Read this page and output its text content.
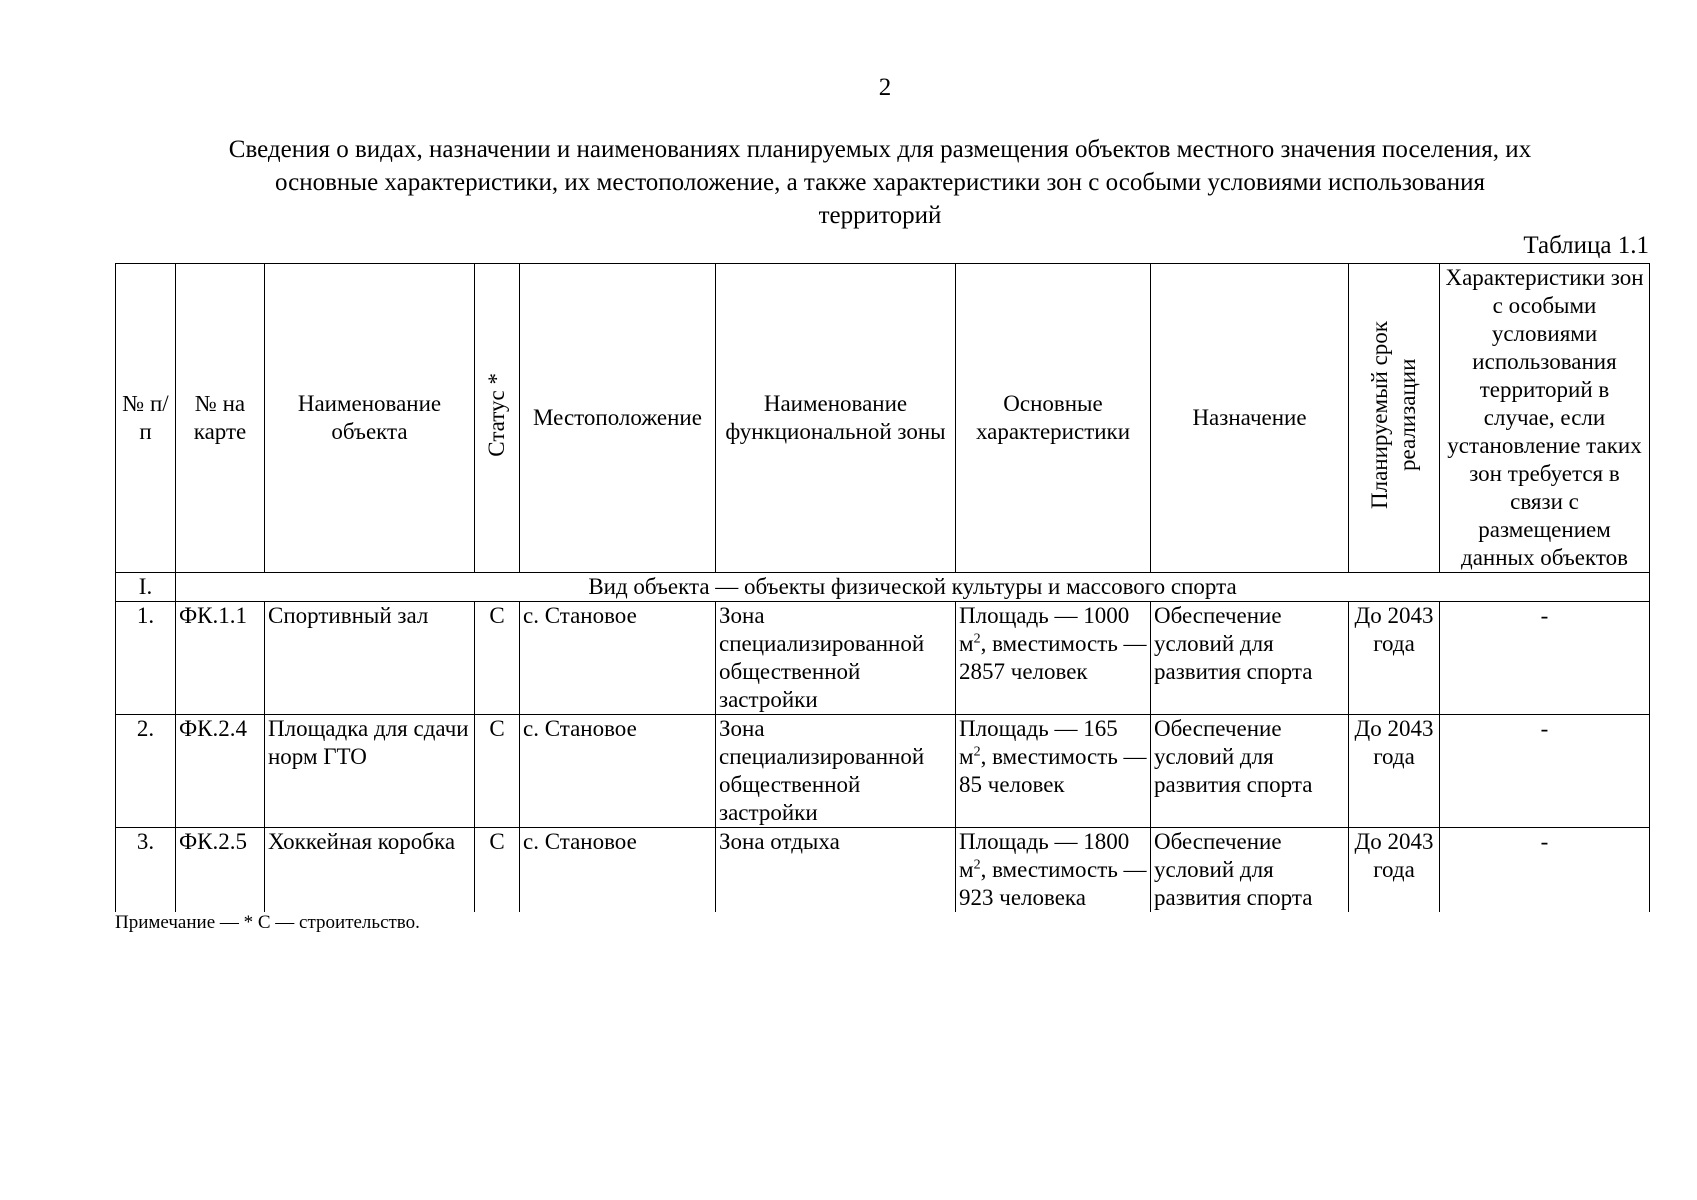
2
Сведения о видах, назначении и наименованиях планируемых для размещения объектов местного значения поселения, их
основные характеристики, их местоположение, а также характеристики зон с особыми условиями использования
территорий
Таблица 1.1
№ п/п	№ на карте	Наименование объекта	Статус *	Местоположение	Наименование функциональной зоны	Основные характеристики	Назначение	Планируемый срок реализации	Характеристики зон с особыми условиями использования территорий в случае, если установление таких зон требуется в связи с размещением данных объектов
I.	Вид объекта — объекты физической культуры и массового спорта								
1.	ФК.1.1	Спортивный зал	С	с. Становое	Зона специализированной общественной застройки	Площадь — 1000 $м^2$, вместимость — 2857 человек	Обеспечение условий для развития спорта	До 2043 года	-
2.	ФК.2.4	Площадка для сдачи норм ГТО	С	с. Становое	Зона специализированной общественной застройки	Площадь — 165 $м^2$, вместимость — 85 человек	Обеспечение условий для развития спорта	До 2043 года	-
3.	ФК.2.5	Хоккейная коробка	С	с. Становое	Зона отдыха	Площадь — 1800 $м^2$, вместимость — 923 человека	Обеспечение условий для развития спорта	До 2043 года	-
Примечание — * С — строительство.
